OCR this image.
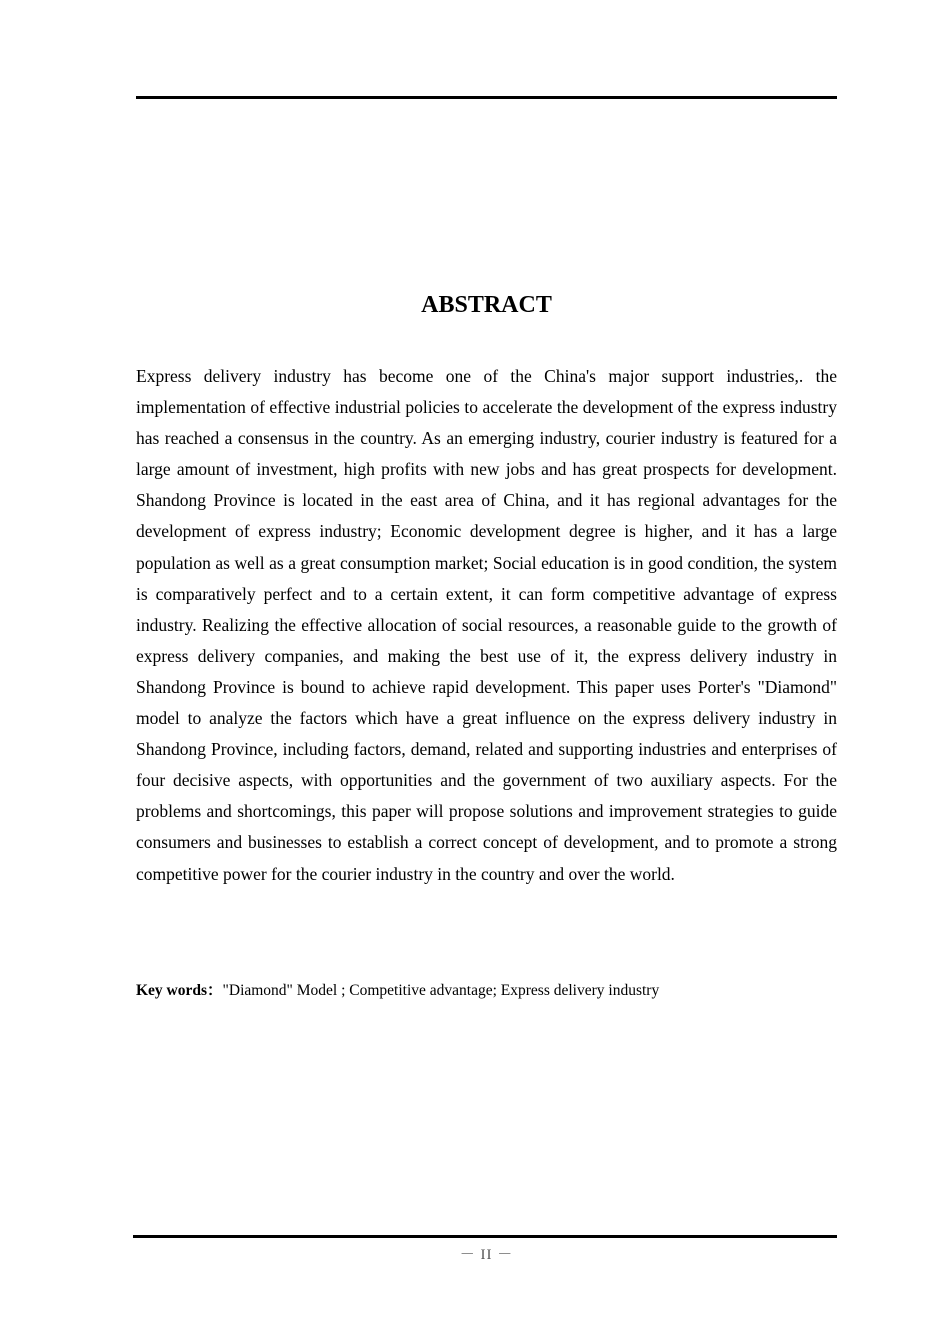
ABSTRACT

Express delivery industry has become one of the China's major support industries,. the implementation of effective industrial policies to accelerate the development of the express industry has reached a consensus in the country. As an emerging industry, courier industry is featured for a large amount of investment, high profits with new jobs and has great prospects for development. Shandong Province is located in the east area of China, and it has regional advantages for the development of express industry; Economic development degree is higher, and it has a large population as well as a great consumption market; Social education is in good condition, the system is comparatively perfect and to a certain extent, it can form competitive advantage of express industry. Realizing the effective allocation of social resources, a reasonable guide to the growth of express delivery companies, and making the best use of it, the express delivery industry in Shandong Province is bound to achieve rapid development. This paper uses Porter's "Diamond" model to analyze the factors which have a great influence on the express delivery industry in Shandong Province, including factors, demand, related and supporting industries and enterprises of four decisive aspects, with opportunities and the government of two auxiliary aspects. For the problems and shortcomings, this paper will propose solutions and improvement strategies to guide consumers and businesses to establish a correct concept of development, and to promote a strong competitive power for the courier industry in the country and over the world.

Key words："Diamond" Model ; Competitive advantage; Express delivery industry

－ II －
